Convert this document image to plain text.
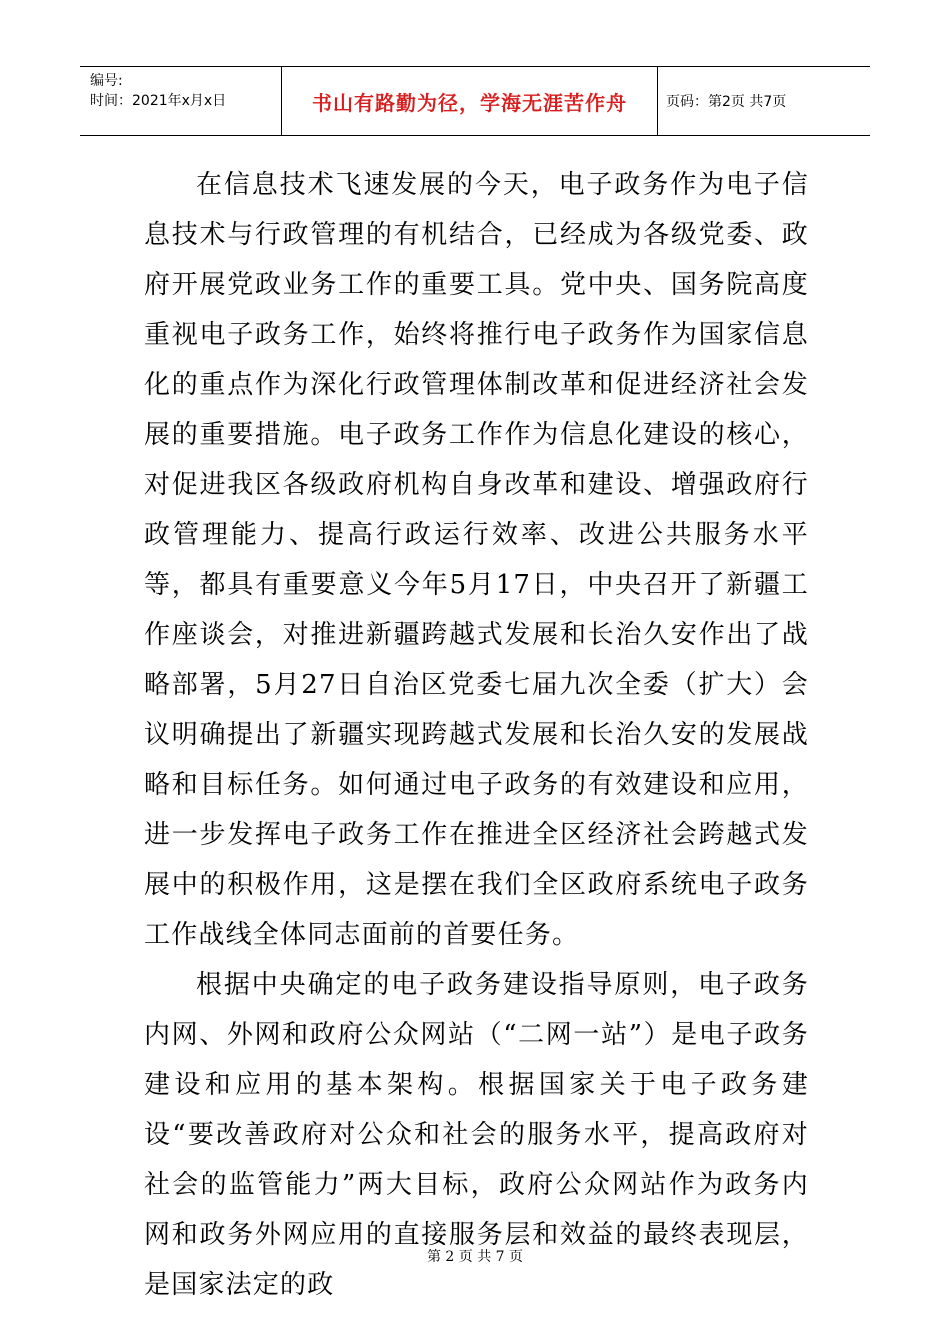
编号:
时间：2021年x月x日	书山有路勤为径，学海无涯苦作舟	页码：第2页 共7页

在信息技术飞速发展的今天，电子政务作为电子信息技术与行政管理的有机结合，已经成为各级党委、政府开展党政业务工作的重要工具。党中央、国务院高度重视电子政务工作，始终将推行电子政务作为国家信息化的重点作为深化行政管理体制改革和促进经济社会发展的重要措施。电子政务工作作为信息化建设的核心，对促进我区各级政府机构自身改革和建设、增强政府行政管理能力、提高行政运行效率、改进公共服务水平等，都具有重要意义今年5月17日，中央召开了新疆工作座谈会，对推进新疆跨越式发展和长治久安作出了战略部署，5月27日自治区党委七届九次全委（扩大）会议明确提出了新疆实现跨越式发展和长治久安的发展战略和目标任务。如何通过电子政务的有效建设和应用，进一步发挥电子政务工作在推进全区经济社会跨越式发展中的积极作用，这是摆在我们全区政府系统电子政务工作战线全体同志面前的首要任务。

根据中央确定的电子政务建设指导原则，电子政务内网、外网和政府公众网站（“二网一站”）是电子政务建设和应用的基本架构。根据国家关于电子政务建设“要改善政府对公众和社会的服务水平，提高政府对社会的监管能力”两大目标，政府公众网站作为政务内网和政务外网应用的直接服务层和效益的最终表现层，是国家法定的政

第 2 页 共 7 页
